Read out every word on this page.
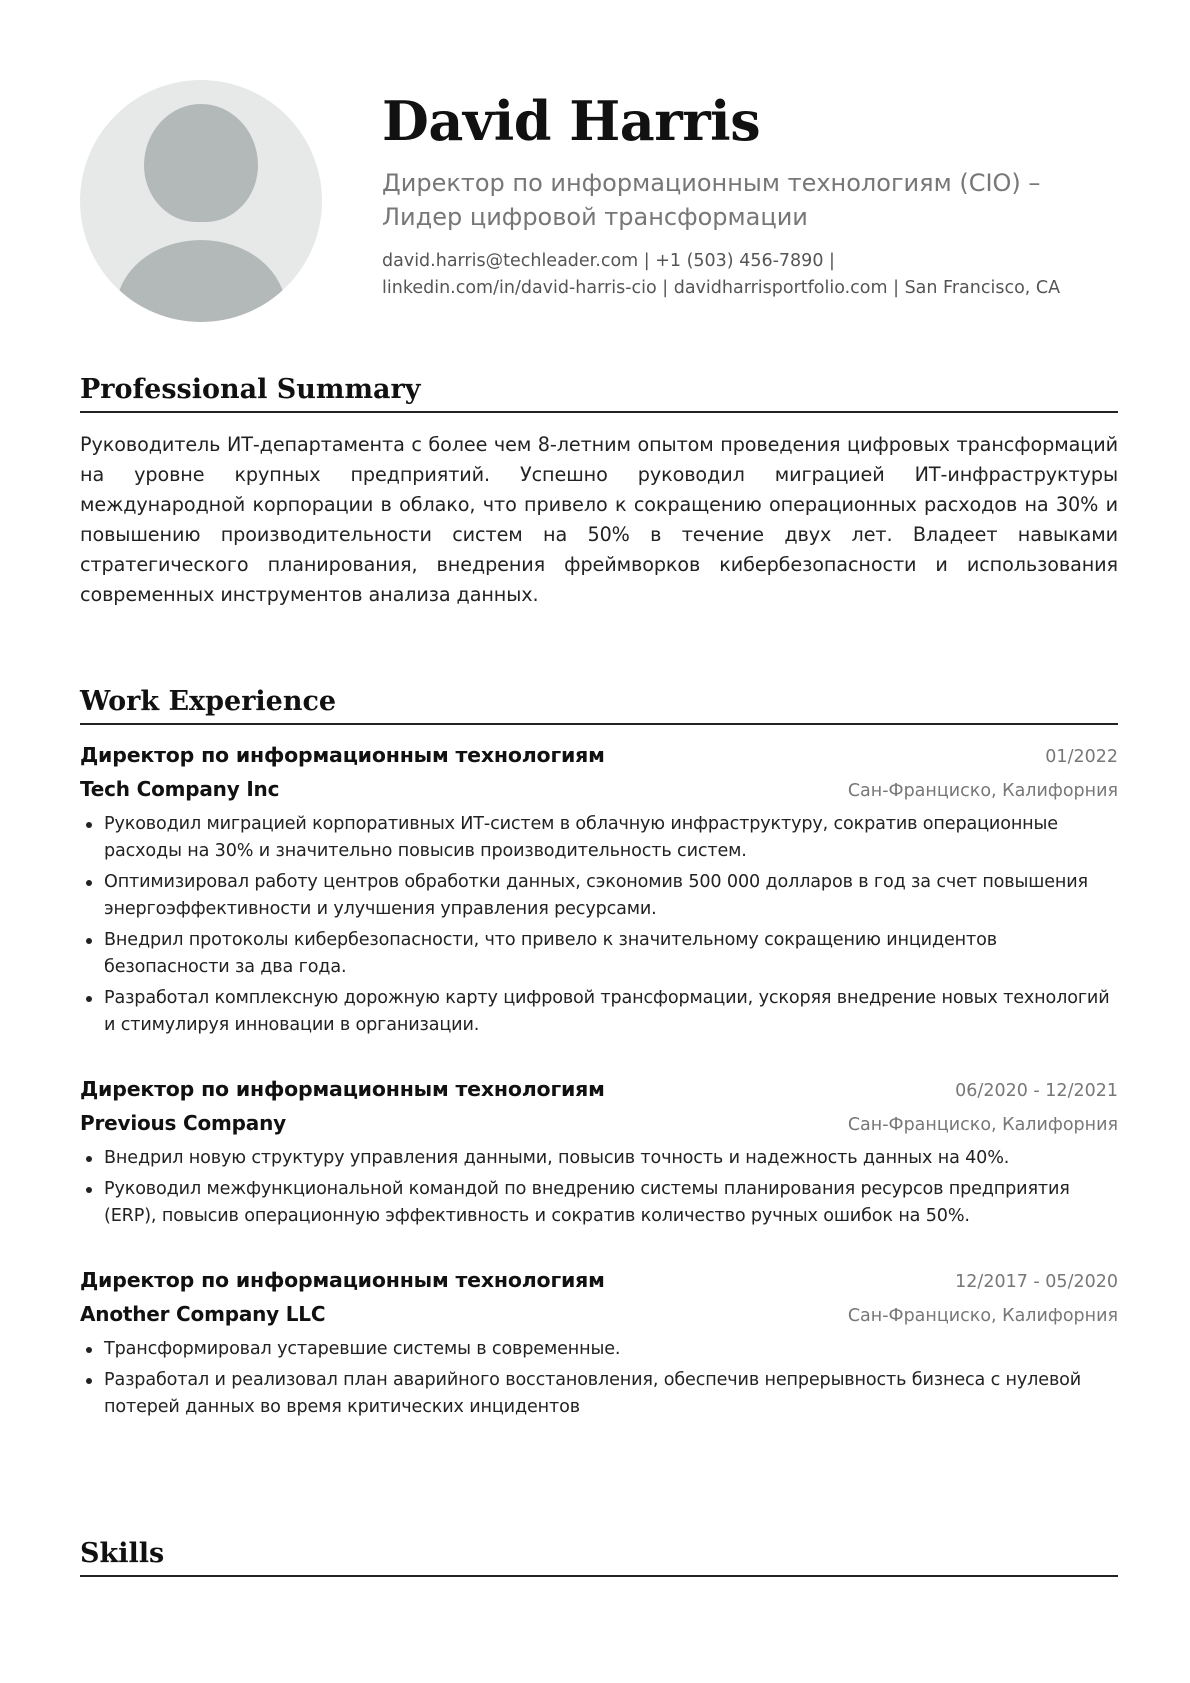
David Harris
Директор по информационным технологиям (CIO) – Лидер цифровой трансформации
david.harris@techleader.com | +1 (503) 456-7890 |
linkedin.com/in/david-harris-cio | davidharrisportfolio.com | San Francisco, CA
Professional Summary
Руководитель ИТ-департамента с более чем 8-летним опытом проведения цифровых трансформаций на уровне крупных предприятий. Успешно руководил миграцией ИТ-инфраструктуры международной корпорации в облако, что привело к сокращению операционных расходов на 30% и повышению производительности систем на 50% в течение двух лет. Владеет навыками стратегического планирования, внедрения фреймворков кибербезопасности и использования современных инструментов анализа данных.
Work Experience
Директор по информационным технологиям	01/2022
Tech Company Inc	Сан-Франциско, Калифорния
Руководил миграцией корпоративных ИТ-систем в облачную инфраструктуру, сократив операционные расходы на 30% и значительно повысив производительность систем.
Оптимизировал работу центров обработки данных, сэкономив 500 000 долларов в год за счет повышения энергоэффективности и улучшения управления ресурсами.
Внедрил протоколы кибербезопасности, что привело к значительному сокращению инцидентов безопасности за два года.
Разработал комплексную дорожную карту цифровой трансформации, ускоряя внедрение новых технологий и стимулируя инновации в организации.
Директор по информационным технологиям	06/2020 - 12/2021
Previous Company	Сан-Франциско, Калифорния
Внедрил новую структуру управления данными, повысив точность и надежность данных на 40%.
Руководил межфункциональной командой по внедрению системы планирования ресурсов предприятия (ERP), повысив операционную эффективность и сократив количество ручных ошибок на 50%.
Директор по информационным технологиям	12/2017 - 05/2020
Another Company LLC	Сан-Франциско, Калифорния
Трансформировал устаревшие системы в современные.
Разработал и реализовал план аварийного восстановления, обеспечив непрерывность бизнеса с нулевой потерей данных во время критических инцидентов
Skills
